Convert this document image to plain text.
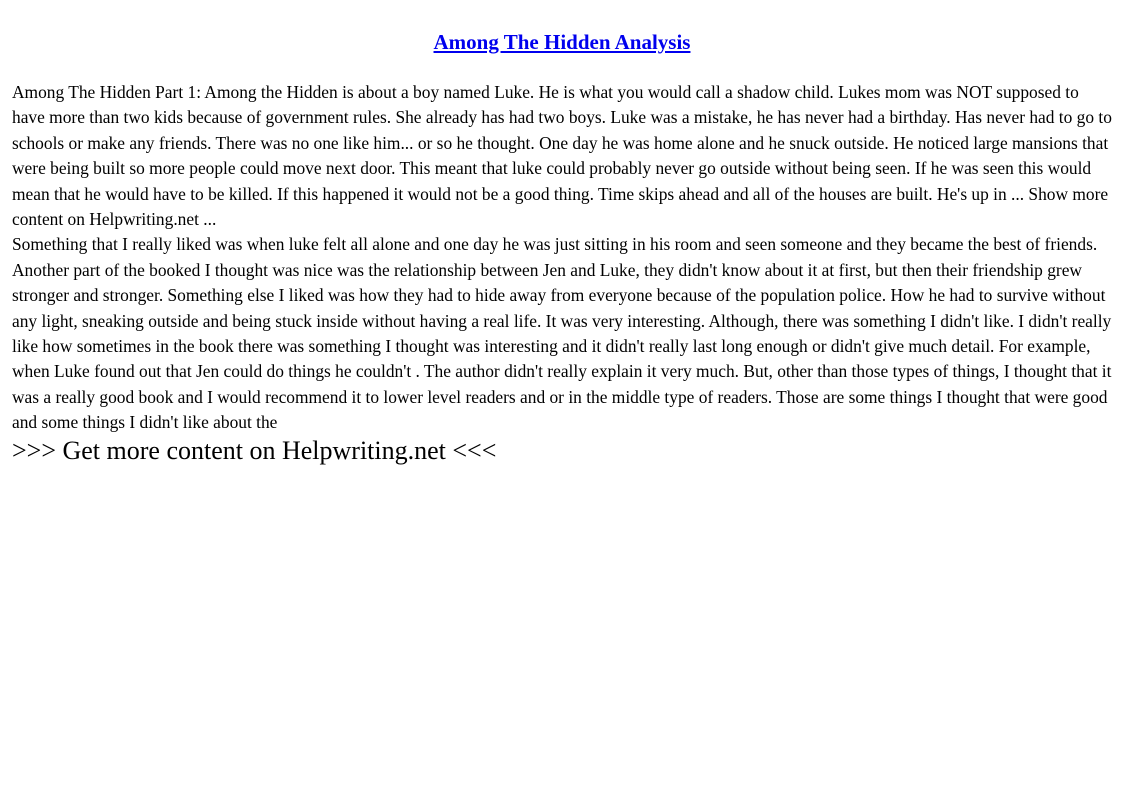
Among The Hidden Analysis

Among The Hidden Part 1: Among the Hidden is about a boy named Luke. He is what you would call a shadow child. Lukes mom was NOT supposed to have more than two kids because of government rules. She already has had two boys. Luke was a mistake, he has never had a birthday. Has never had to go to schools or make any friends. There was no one like him... or so he thought. One day he was home alone and he snuck outside. He noticed large mansions that were being built so more people could move next door. This meant that luke could probably never go outside without being seen. If he was seen this would mean that he would have to be killed. If this happened it would not be a good thing. Time skips ahead and all of the houses are built. He's up in ... Show more content on Helpwriting.net ...

Something that I really liked was when luke felt all alone and one day he was just sitting in his room and seen someone and they became the best of friends. Another part of the booked I thought was nice was the relationship between Jen and Luke, they didn't know about it at first, but then their friendship grew stronger and stronger. Something else I liked was how they had to hide away from everyone because of the population police. How he had to survive without any light, sneaking outside and being stuck inside without having a real life. It was very interesting. Although, there was something I didn't like. I didn't really like how sometimes in the book there was something I thought was interesting and it didn't really last long enough or didn't give much detail. For example, when Luke found out that Jen could do things he couldn't . The author didn't really explain it very much. But, other than those types of things, I thought that it was a really good book and I would recommend it to lower level readers and or in the middle type of readers. Those are some things I thought that were good and some things I didn't like about the

>>> Get more content on Helpwriting.net <<<
